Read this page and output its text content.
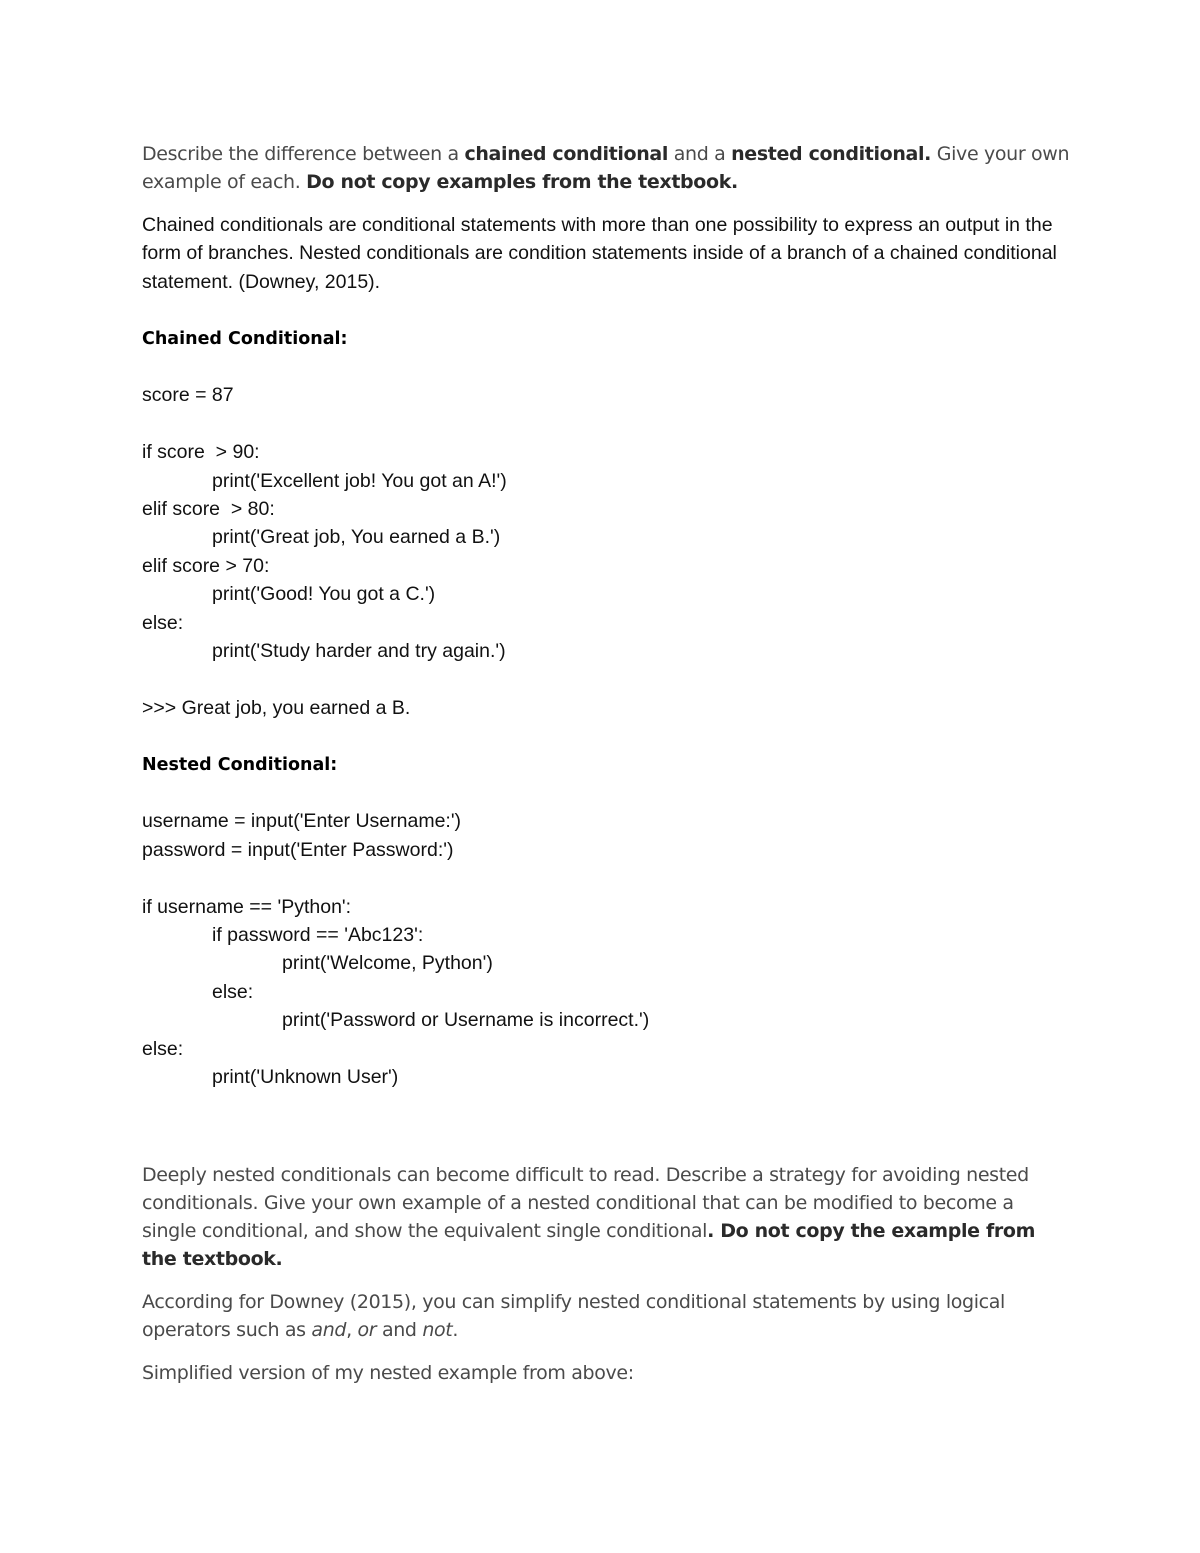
Describe the difference between a chained conditional and a nested conditional. Give your own example of each. Do not copy examples from the textbook.

Chained conditionals are conditional statements with more than one possibility to express an output in the form of branches. Nested conditionals are condition statements inside of a branch of a chained conditional statement. (Downey, 2015).

Chained Conditional:

score = 87

if score  > 90:

print('Excellent job! You got an A!')

elif score  > 80:

print('Great job, You earned a B.')

elif score > 70:

print('Good! You got a C.')

else:

print('Study harder and try again.')

>>> Great job, you earned a B.

Nested Conditional:

username = input('Enter Username:')

password = input('Enter Password:')

if username == 'Python':

if password == 'Abc123':

print('Welcome, Python')

else:

print('Password or Username is incorrect.')

else:

print('Unknown User')

Deeply nested conditionals can become difficult to read. Describe a strategy for avoiding nested conditionals. Give your own example of a nested conditional that can be modified to become a single conditional, and show the equivalent single conditional. Do not copy the example from the textbook.

According for Downey (2015), you can simplify nested conditional statements by using logical operators such as and, or and not.

Simplified version of my nested example from above:
